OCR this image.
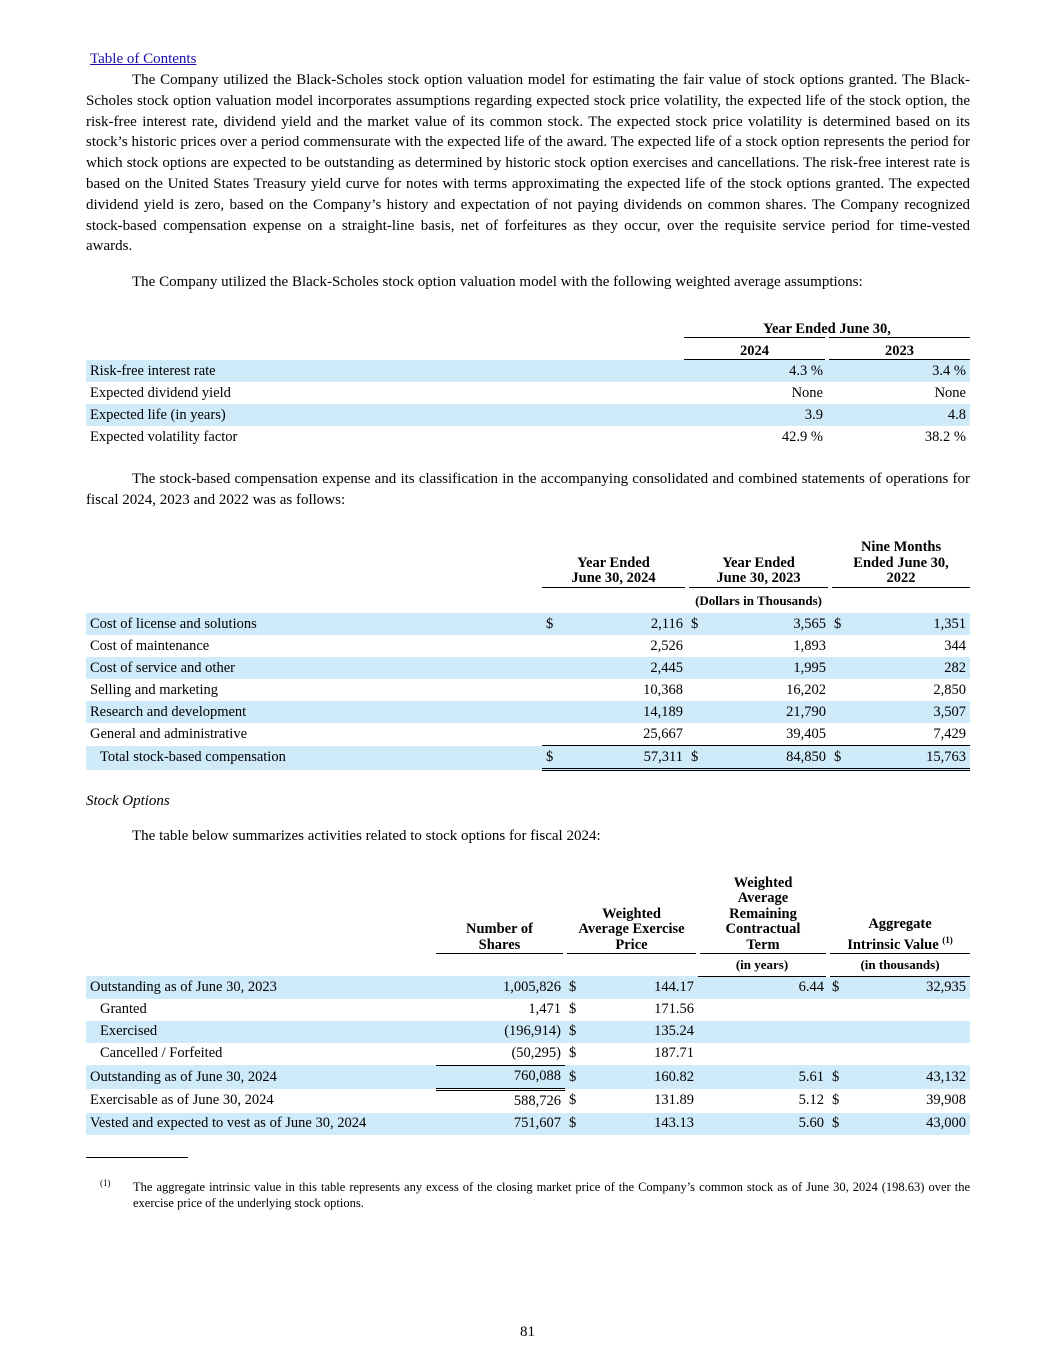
Table of Contents

The Company utilized the Black-Scholes stock option valuation model for estimating the fair value of stock options granted. The Black-Scholes stock option valuation model incorporates assumptions regarding expected stock price volatility, the expected life of the stock option, the risk-free interest rate, dividend yield and the market value of its common stock. The expected stock price volatility is determined based on its stock’s historic prices over a period commensurate with the expected life of the award. The expected life of a stock option represents the period for which stock options are expected to be outstanding as determined by historic stock option exercises and cancellations. The risk-free interest rate is based on the United States Treasury yield curve for notes with terms approximating the expected life of the stock options granted. The expected dividend yield is zero, based on the Company’s history and expectation of not paying dividends on common shares. The Company recognized stock-based compensation expense on a straight-line basis, net of forfeitures as they occur, over the requisite service period for time-vested awards.

The Company utilized the Black-Scholes stock option valuation model with the following weighted average assumptions:

	Year Ended June 30,	
	2024	2023
Risk-free interest rate	4.3 %	3.4 %
Expected dividend yield	None	None
Expected life (in years)	3.9	4.8
Expected volatility factor	42.9 %	38.2 %

The stock-based compensation expense and its classification in the accompanying consolidated and combined statements of operations for fiscal 2024, 2023 and 2022 was as follows:

	Year Ended
June 30, 2024		Year Ended
June 30, 2023		Nine Months
Ended June 30,
2022	
			(Dollars in Thousands)			
Cost of license and solutions	$	2,116	$	3,565	$	1,351
Cost of maintenance		2,526		1,893		344
Cost of service and other		2,445		1,995		282
Selling and marketing		10,368		16,202		2,850
Research and development		14,189		21,790		3,507
General and administrative		25,667		39,405		7,429
Total stock-based compensation	$	57,311	$	84,850	$	15,763

Stock Options

The table below summarizes activities related to stock options for fiscal 2024:

	Number of
Shares	Weighted
Average Exercise
Price		Weighted
Average
Remaining
Contractual
Term	Aggregate
Intrinsic Value $^{(1)}$
				(in years)	(in thousands)	
Outstanding as of June 30, 2023	1,005,826	$	144.17	6.44	$	32,935
Granted	1,471	$	171.56			
Exercised	(196,914)	$	135.24			
Cancelled / Forfeited	(50,295)	$	187.71			
Outstanding as of June 30, 2024	760,088	$	160.82	5.61	$	43,132
Exercisable as of June 30, 2024	588,726	$	131.89	5.12	$	39,908
Vested and expected to vest as of June 30, 2024	751,607	$	143.13	5.60	$	43,000
(1)	The aggregate intrinsic value in this table represents any excess of the closing market price of the Company’s common stock as of June 30, 2024 (198.63) over the exercise price of the underlying stock options.
81
